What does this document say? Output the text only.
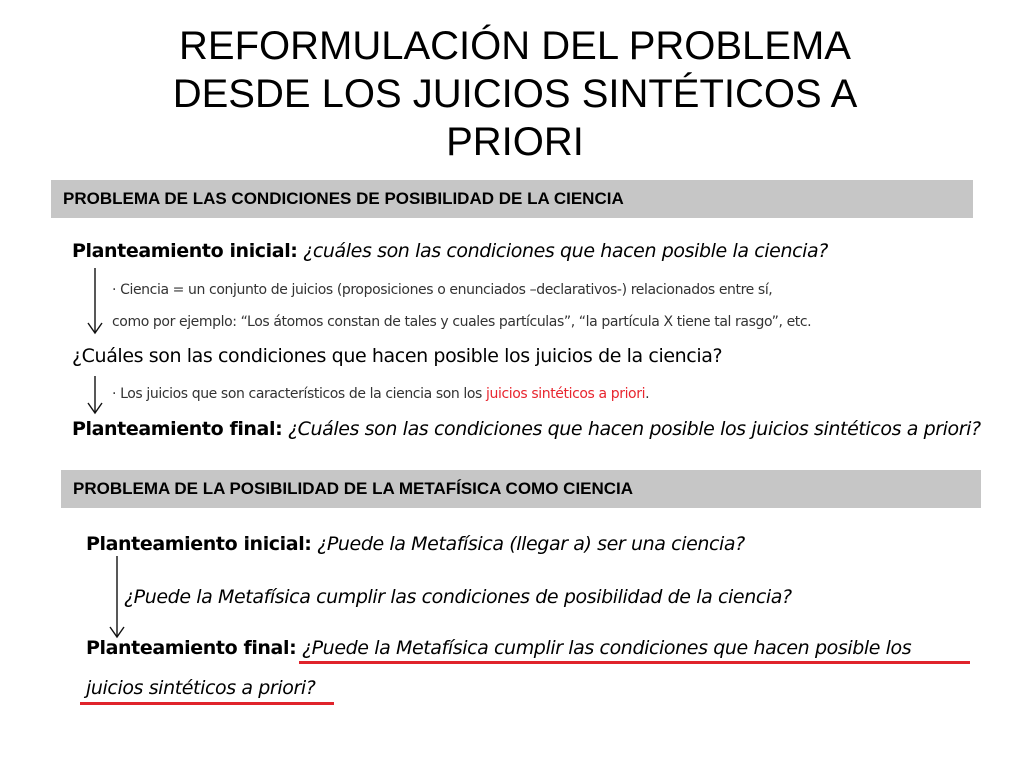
REFORMULACIÓN DEL PROBLEMA
DESDE LOS JUICIOS SINTÉTICOS A
PRIORI
PROBLEMA DE LAS CONDICIONES DE POSIBILIDAD DE LA CIENCIA
Planteamiento inicial: ¿cuáles son las condiciones que hacen posible la ciencia?
· Ciencia = un conjunto de juicios (proposiciones o enunciados –declarativos-) relacionados entre sí,
como por ejemplo: “Los átomos constan de tales y cuales partículas”, “la partícula X tiene tal rasgo”, etc.
¿Cuáles son las condiciones que hacen posible los juicios de la ciencia?
· Los juicios que son característicos de la ciencia son los juicios sintéticos a priori.
Planteamiento final: ¿Cuáles son las condiciones que hacen posible los juicios sintéticos a priori?
PROBLEMA DE LA POSIBILIDAD DE LA METAFÍSICA COMO CIENCIA
Planteamiento inicial: ¿Puede la Metafísica (llegar a) ser una ciencia?
¿Puede la Metafísica cumplir las condiciones de posibilidad de la ciencia?
Planteamiento final: ¿Puede la Metafísica cumplir las condiciones que hacen posible los
juicios sintéticos a priori?
